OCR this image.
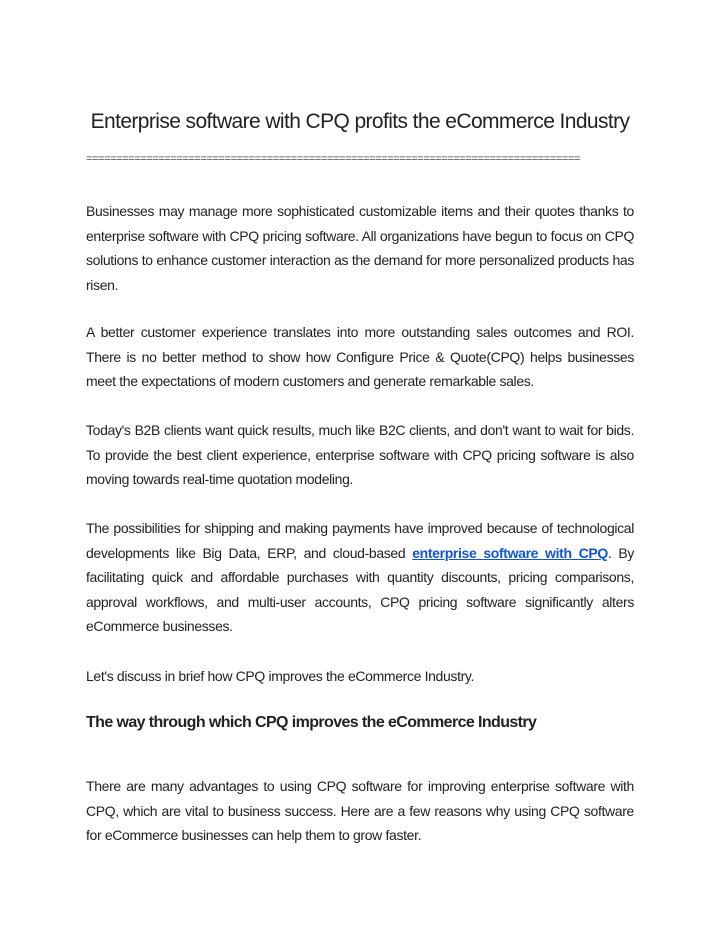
Enterprise software with CPQ profits the eCommerce Industry
==================================================================================

Businesses may manage more sophisticated customizable items and their quotes thanks to enterprise software with CPQ pricing software. All organizations have begun to focus on CPQ solutions to enhance customer interaction as the demand for more personalized products has risen.

A better customer experience translates into more outstanding sales outcomes and ROI. There is no better method to show how Configure Price & Quote(CPQ) helps businesses meet the expectations of modern customers and generate remarkable sales.

Today's B2B clients want quick results, much like B2C clients, and don't want to wait for bids. To provide the best client experience, enterprise software with CPQ pricing software is also moving towards real-time quotation modeling.

The possibilities for shipping and making payments have improved because of technological developments like Big Data, ERP, and cloud-based enterprise software with CPQ. By facilitating quick and affordable purchases with quantity discounts, pricing comparisons, approval workflows, and multi-user accounts, CPQ pricing software significantly alters eCommerce businesses.

Let's discuss in brief how CPQ improves the eCommerce Industry.

The way through which CPQ improves the eCommerce Industry

There are many advantages to using CPQ software for improving enterprise software with CPQ, which are vital to business success. Here are a few reasons why using CPQ software for eCommerce businesses can help them to grow faster.
